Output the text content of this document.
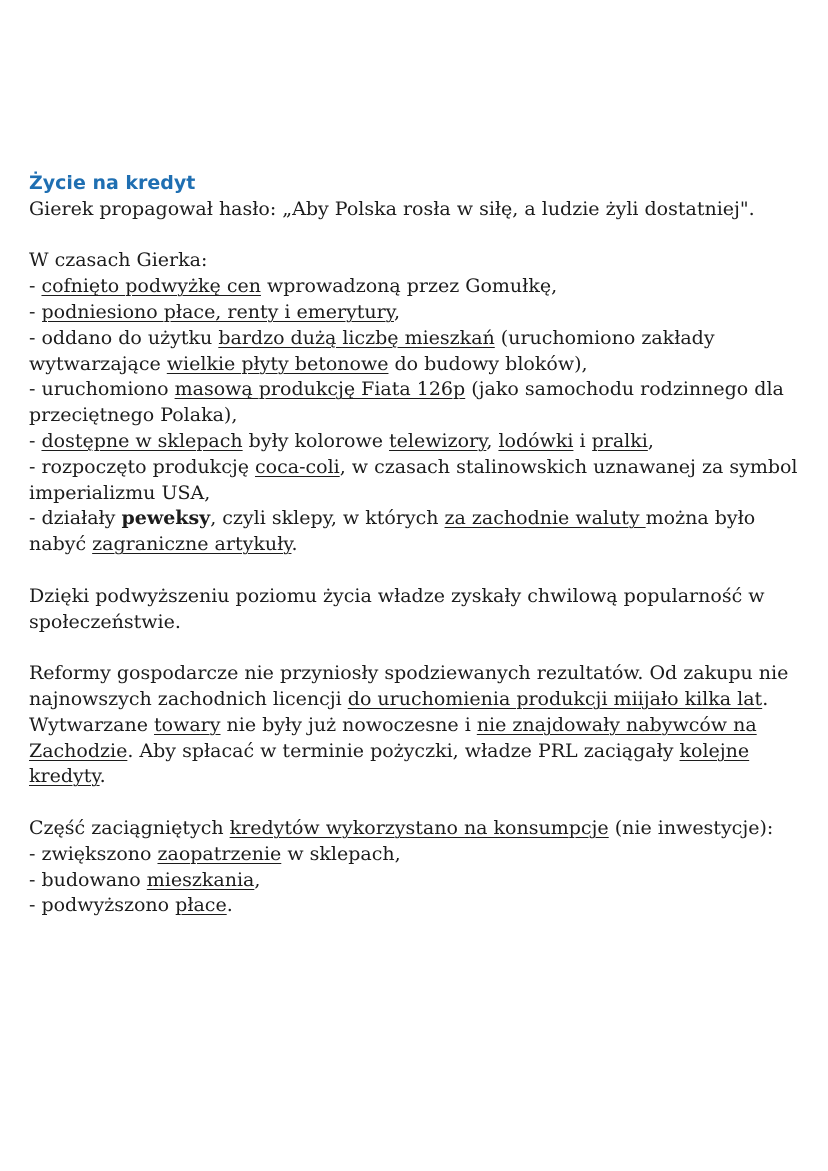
Życie na kredyt

Gierek propagował hasło: „Aby Polska rosła w siłę, a ludzie żyli dostatniej".

W czasach Gierka:

- cofnięto podwyżkę cen wprowadzoną przez Gomułkę,

- podniesiono płace, renty i emerytury,

- oddano do użytku bardzo dużą liczbę mieszkań (uruchomiono zakłady wytwarzające wielkie płyty betonowe do budowy bloków),

- uruchomiono masową produkcję Fiata 126p (jako samochodu rodzinnego dla przeciętnego Polaka),

- dostępne w sklepach były kolorowe telewizory, lodówki i pralki,

- rozpoczęto produkcję coca-coli, w czasach stalinowskich uznawanej za symbol imperializmu USA,

- działały peweksy, czyli sklepy, w których za zachodnie waluty można było nabyć zagraniczne artykuły.

Dzięki podwyższeniu poziomu życia władze zyskały chwilową popularność w społeczeństwie.

Reformy gospodarcze nie przyniosły spodziewanych rezultatów. Od zakupu nie najnowszych zachodnich licencji do uruchomienia produkcji miijało kilka lat. Wytwarzane towary nie były już nowoczesne i nie znajdowały nabywców na Zachodzie. Aby spłacać w terminie pożyczki, władze PRL zaciągały kolejne kredyty.

Część zaciągniętych kredytów wykorzystano na konsumpcje (nie inwestycje):

- zwiększono zaopatrzenie w sklepach,

- budowano mieszkania,

- podwyższono płace.
